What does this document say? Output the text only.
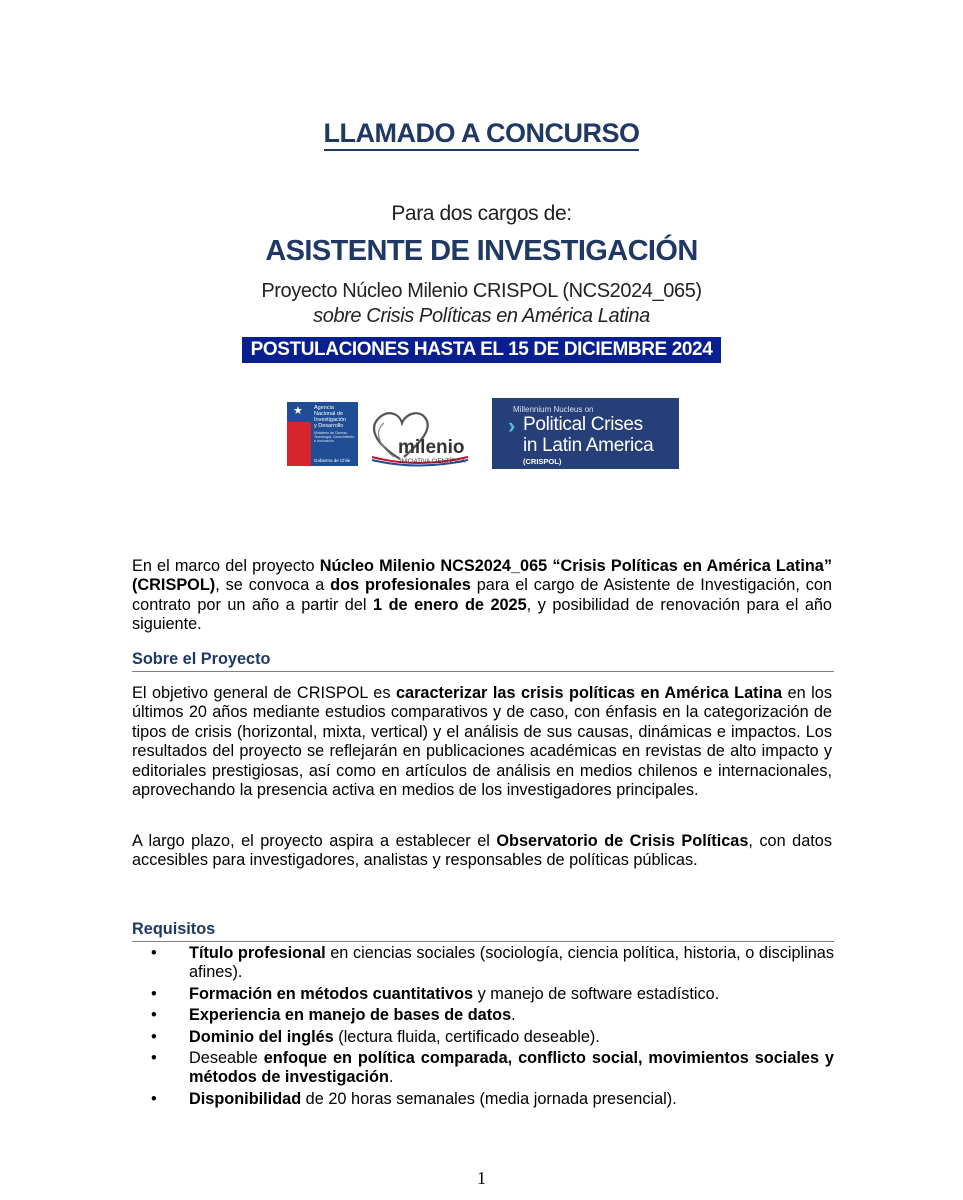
LLAMADO A CONCURSO
Para dos cargos de:
ASISTENTE DE INVESTIGACIÓN
Proyecto Núcleo Milenio CRISPOL (NCS2024_065)
sobre Crisis Políticas en América Latina
POSTULACIONES HASTA EL 15 DE DICIEMBRE 2024
★ Agencia
Nacional de
Investigación
y Desarrollo
Ministerio de Ciencia, Tecnología, Conocimiento e Innovación
Gobierno de Chile
milenio
INICIATIVA CIENTÍFICA
Millennium Nucleus on
› Political Crises
in Latin America
(CRISPOL)
En el marco del proyecto Núcleo Milenio NCS2024_065 “Crisis Políticas en América Latina” (CRISPOL), se convoca a dos profesionales para el cargo de Asistente de Investigación, con contrato por un año a partir del 1 de enero de 2025, y posibilidad de renovación para el año siguiente.
Sobre el Proyecto
El objetivo general de CRISPOL es caracterizar las crisis políticas en América Latina en los últimos 20 años mediante estudios comparativos y de caso, con énfasis en la categorización de tipos de crisis (horizontal, mixta, vertical) y el análisis de sus causas, dinámicas e impactos. Los resultados del proyecto se reflejarán en publicaciones académicas en revistas de alto impacto y editoriales prestigiosas, así como en artículos de análisis en medios chilenos e internacionales, aprovechando la presencia activa en medios de los investigadores principales.
A largo plazo, el proyecto aspira a establecer el Observatorio de Crisis Políticas, con datos accesibles para investigadores, analistas y responsables de políticas públicas.
Requisitos
• Título profesional en ciencias sociales (sociología, ciencia política, historia, o disciplinas afines).
• Formación en métodos cuantitativos y manejo de software estadístico.
• Experiencia en manejo de bases de datos.
• Dominio del inglés (lectura fluida, certificado deseable).
• Deseable enfoque en política comparada, conflicto social, movimientos sociales y métodos de investigación.
• Disponibilidad de 20 horas semanales (media jornada presencial).
1
